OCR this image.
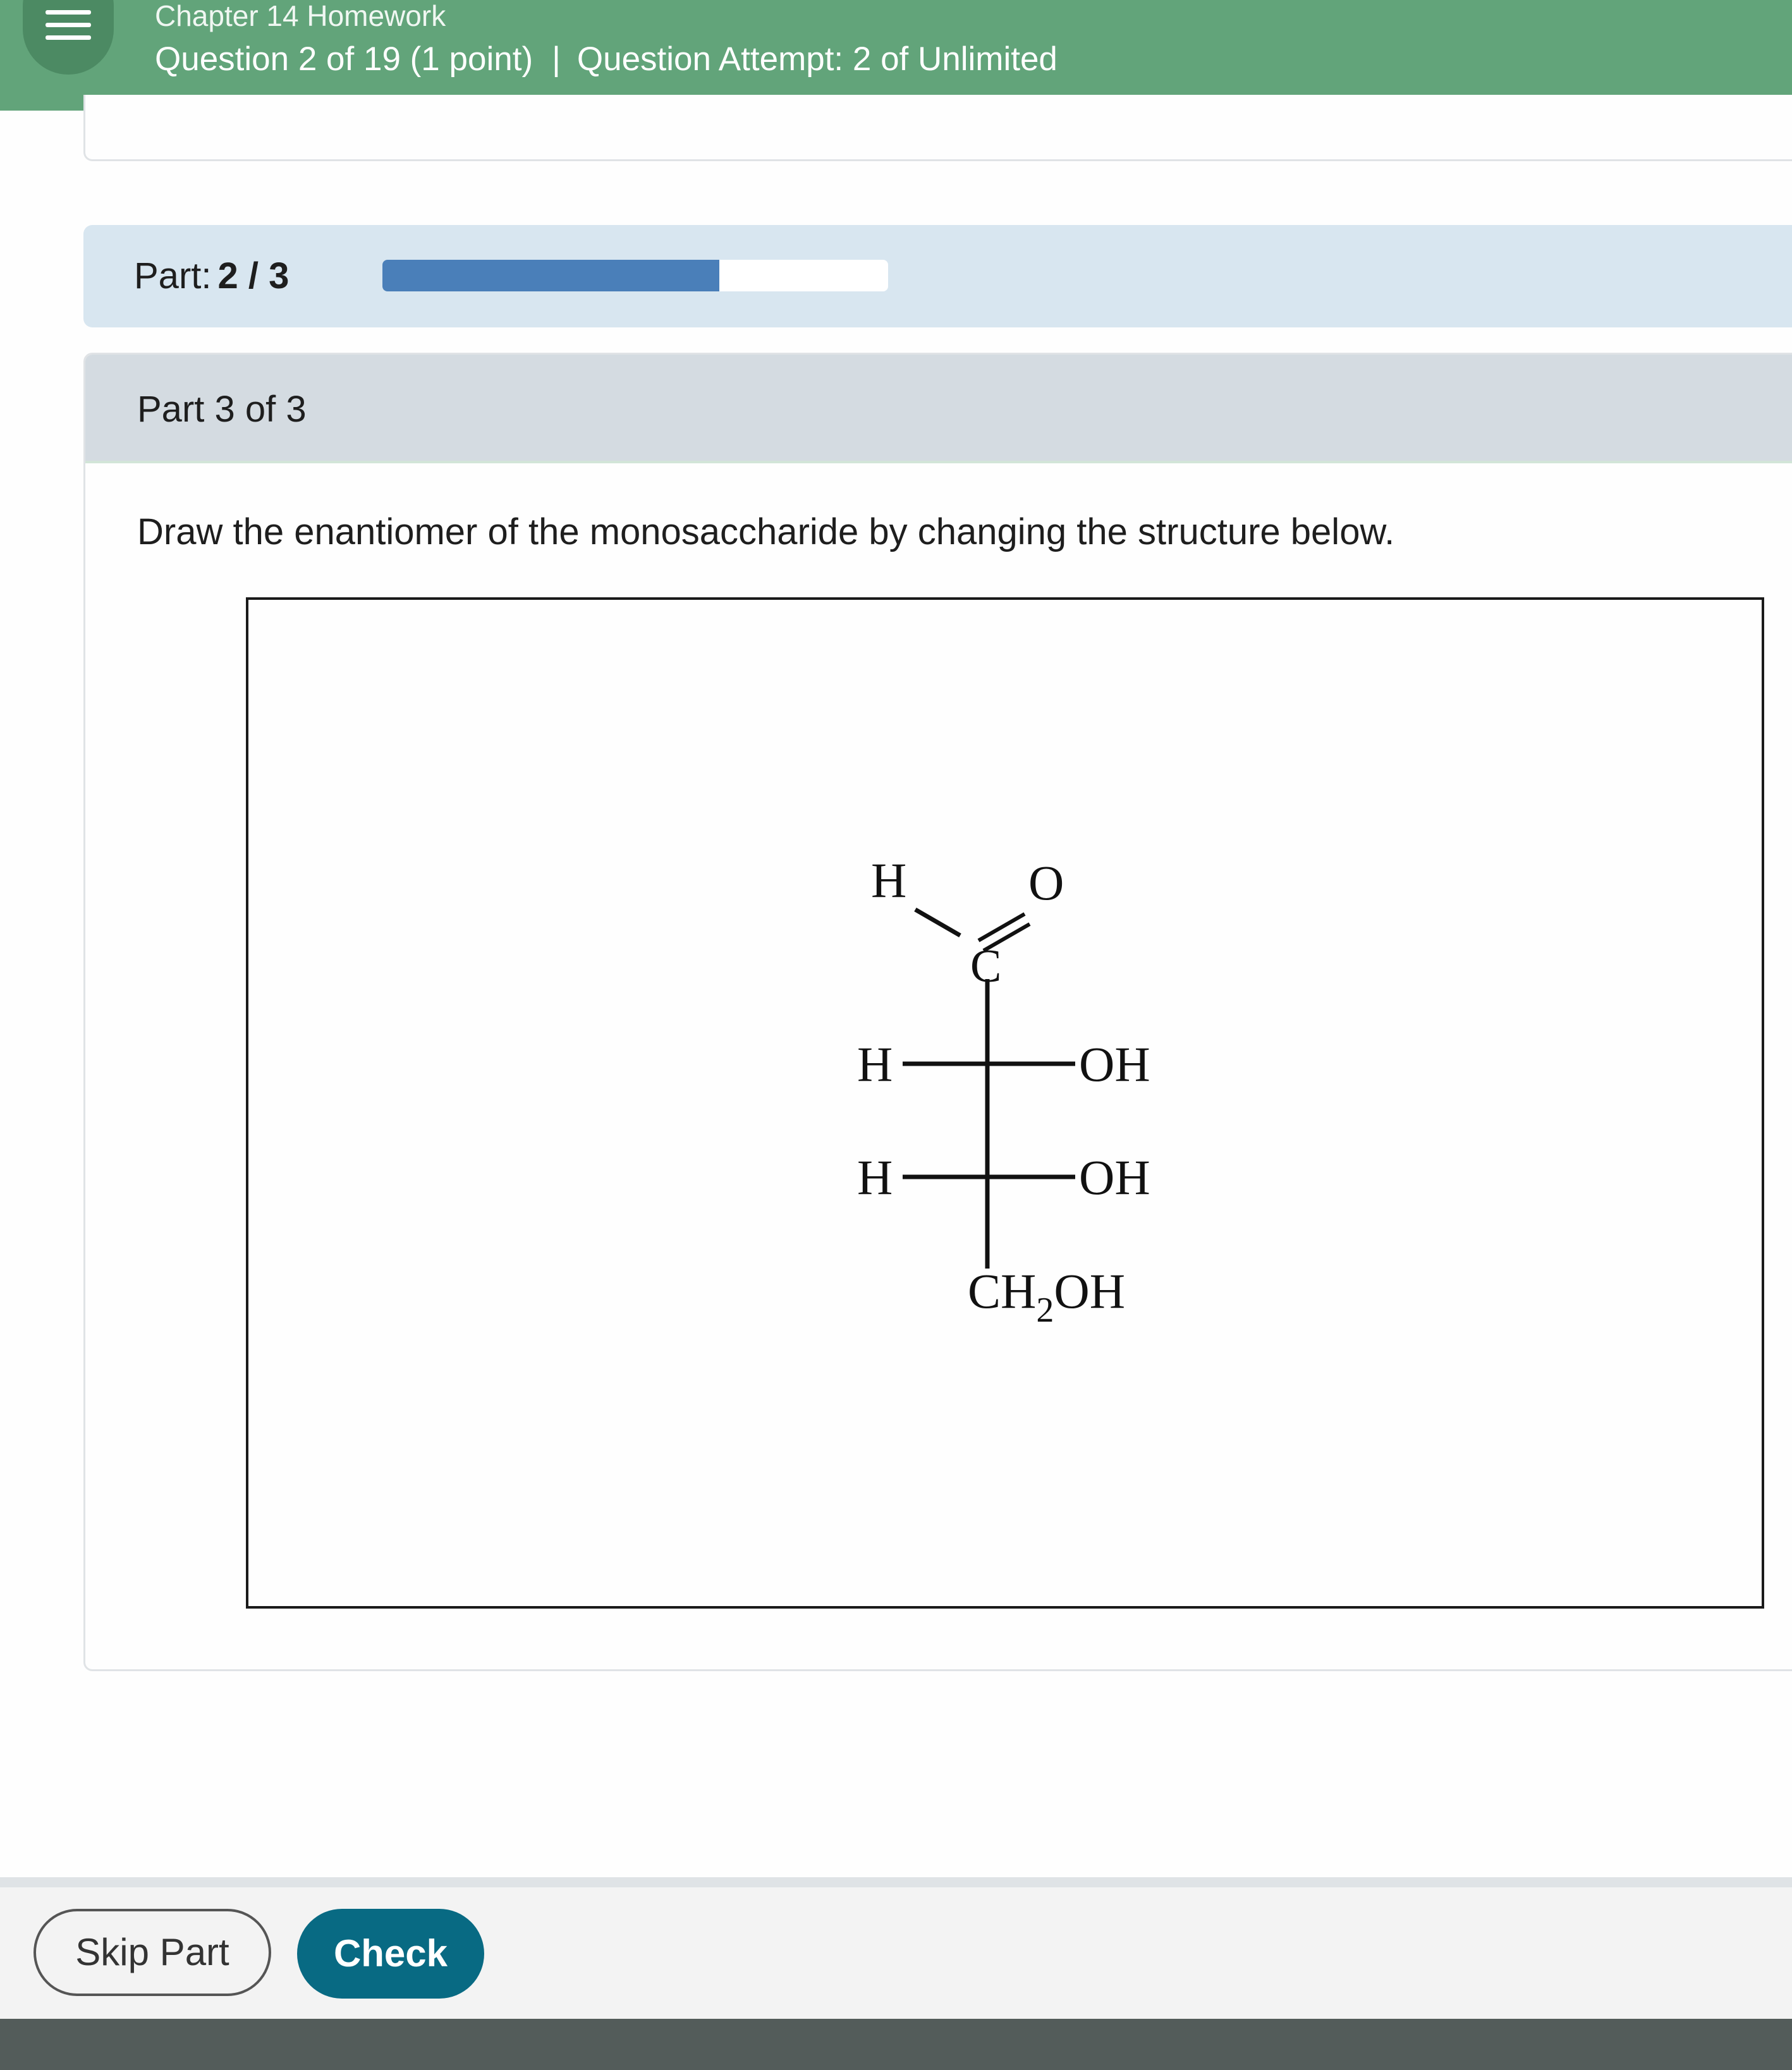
Chapter 14 Homework
Question 2 of 19 (1 point) | Question Attempt: 2 of Unlimited
Part: 2 / 3
Part 3 of 3
Draw the enantiomer of the monosaccharide by changing the structure below.
H
C
O
H	OH
H	OH
$CH_2OH$
Skip Part	Check
